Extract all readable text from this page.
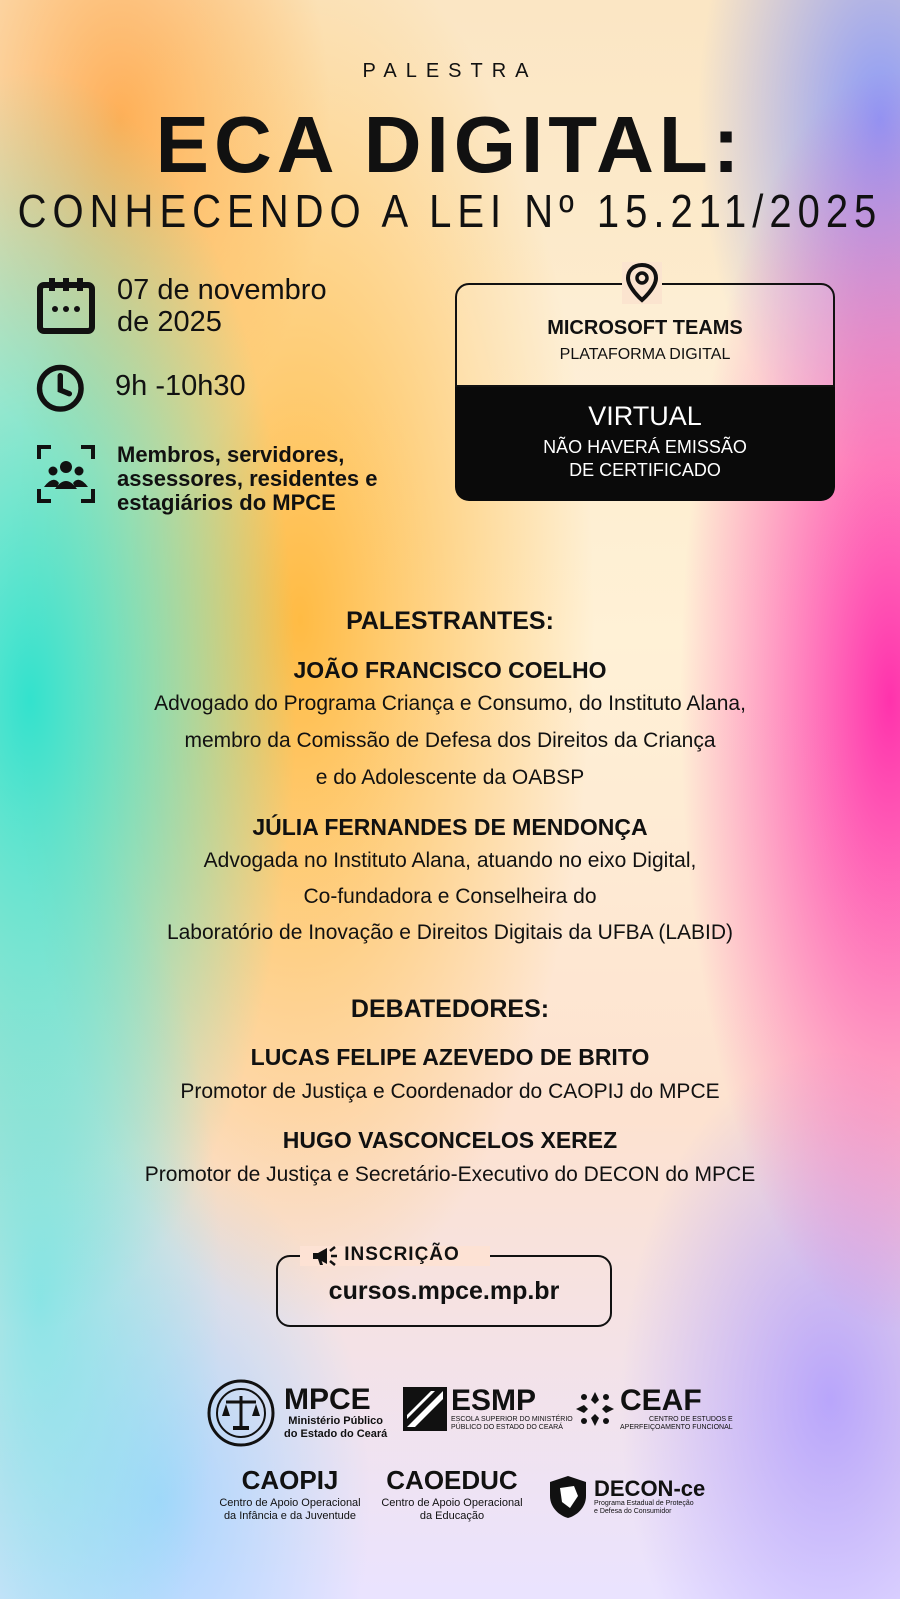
PALESTRA
ECA DIGITAL:
CONHECENDO A LEI Nº 15.211/2025
07 de novembro
de 2025
9h -10h30
Membros, servidores,
assessores, residentes e
estagiários do MPCE
MICROSOFT TEAMS
PLATAFORMA DIGITAL
VIRTUAL
NÃO HAVERÁ EMISSÃO
DE CERTIFICADO
PALESTRANTES:
JOÃO FRANCISCO COELHO
Advogado do Programa Criança e Consumo, do Instituto Alana,
membro da Comissão de Defesa dos Direitos da Criança
e do Adolescente da OABSP
JÚLIA FERNANDES DE MENDONÇA
Advogada no Instituto Alana, atuando no eixo Digital,
Co-fundadora e Conselheira do
Laboratório de Inovação e Direitos Digitais da UFBA (LABID)
DEBATEDORES:
LUCAS FELIPE AZEVEDO DE BRITO
Promotor de Justiça e Coordenador do CAOPIJ do MPCE
HUGO VASCONCELOS XEREZ
Promotor de Justiça e Secretário-Executivo do DECON do MPCE
INSCRIÇÃO
cursos.mpce.mp.br
MPCE
Ministério Público
do Estado do Ceará
ESMP
ESCOLA SUPERIOR DO MINISTÉRIO
PÚBLICO DO ESTADO DO CEARÁ
CEAF
CENTRO DE ESTUDOS E
APERFEIÇOAMENTO FUNCIONAL
CAOPIJ
Centro de Apoio Operacional
da Infância e da Juventude
CAOEDUC
Centro de Apoio Operacional
da Educação
DECON-ce
Programa Estadual de Proteção
e Defesa do Consumidor
